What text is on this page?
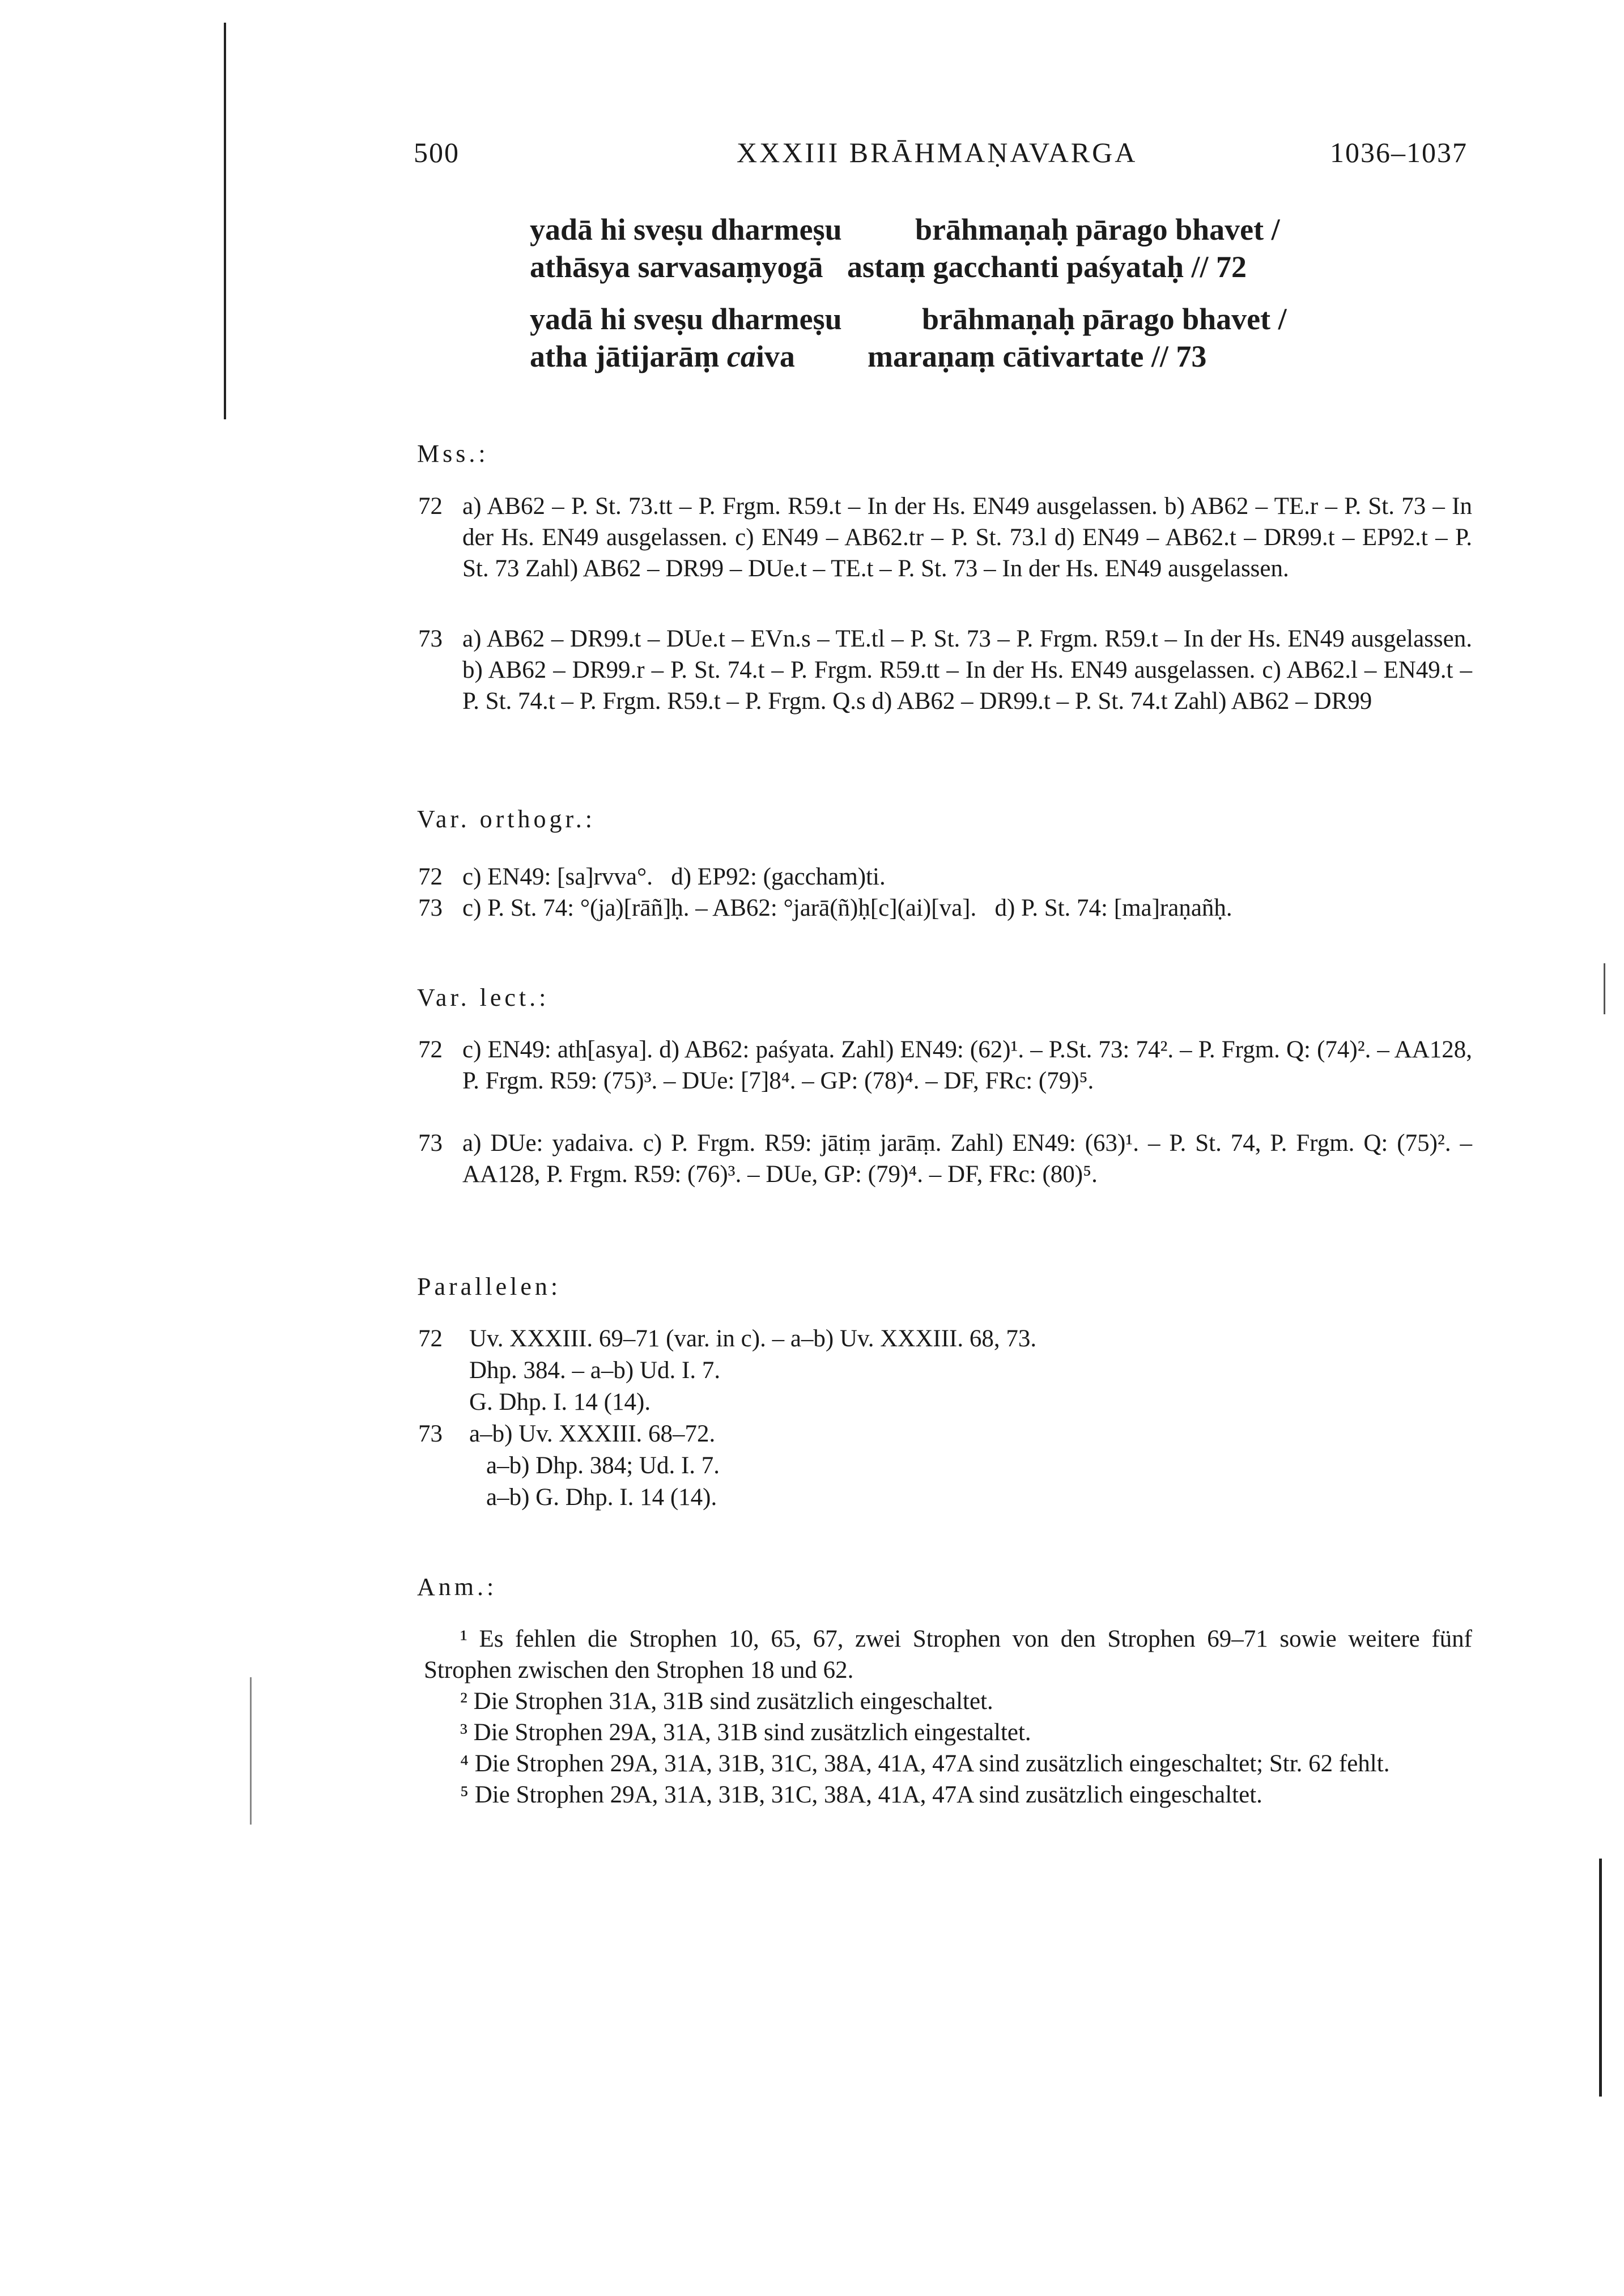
500	XXXIII BRĀHMAṆAVARGA	1036–1037
yadā hi sveṣu dharmeṣu brāhmaṇaḥ pārago bhavet /
athāsya sarvasaṃyogā astaṃ gacchanti paśyataḥ // 72
yadā hi sveṣu dharmeṣu	brāhmaṇaḥ pārago bhavet /
atha jātijarāṃ caiva maraṇaṃ cātivartate // 73
Mss.:
72 a) AB62 – P. St. 73.tt – P. Frgm. R59.t – In der Hs. EN49 ausgelassen. b) AB62 – TE.r – P. St. 73 – In der Hs. EN49 ausgelassen. c) EN49 – AB62.tr – P. St. 73.l d) EN49 – AB62.t – DR99.t – EP92.t – P. St. 73 Zahl) AB62 – DR99 – DUe.t – TE.t – P. St. 73 – In der Hs. EN49 ausgelassen.
73 a) AB62 – DR99.t – DUe.t – EVn.s – TE.tl – P. St. 73 – P. Frgm. R59.t – In der Hs. EN49 ausgelassen. b) AB62 – DR99.r – P. St. 74.t – P. Frgm. R59.tt – In der Hs. EN49 ausgelassen. c) AB62.l – EN49.t – P. St. 74.t – P. Frgm. R59.t – P. Frgm. Q.s d) AB62 – DR99.t – P. St. 74.t Zahl) AB62 – DR99
Var. orthogr.:
72 c) EN49: [sa]rvva°.   d) EP92: (gaccham)ti.
73 c) P. St. 74: °(ja)[rāñ]ḥ. – AB62: °jarā(ñ)ḥ[c](ai)[va].   d) P. St. 74: [ma]raṇañḥ.
Var. lect.:
72 c) EN49: ath[asya]. d) AB62: paśyata. Zahl) EN49: (62)¹. – P.St. 73: 74². – P. Frgm. Q: (74)². – AA128, P. Frgm. R59: (75)³. – DUe: [7]8⁴. – GP: (78)⁴. – DF, FRc: (79)⁵.
73 a) DUe: yadaiva. c) P. Frgm. R59: jātiṃ jarāṃ. Zahl) EN49: (63)¹. – P. St. 74, P. Frgm. Q: (75)². – AA128, P. Frgm. R59: (76)³. – DUe, GP: (79)⁴. – DF, FRc: (80)⁵.
Parallelen:
72 Uv. XXXIII. 69–71 (var. in c). – a–b) Uv. XXXIII. 68, 73.
Dhp. 384. – a–b) Ud. I. 7.
G. Dhp. I. 14 (14).
73 a–b) Uv. XXXIII. 68–72.
a–b) Dhp. 384; Ud. I. 7.
a–b) G. Dhp. I. 14 (14).
Anm.:

¹ Es fehlen die Strophen 10, 65, 67, zwei Strophen von den Strophen 69–71 sowie weitere fünf Strophen zwischen den Strophen 18 und 62.

² Die Strophen 31A, 31B sind zusätzlich eingeschaltet.

³ Die Strophen 29A, 31A, 31B sind zusätzlich eingestaltet.

⁴ Die Strophen 29A, 31A, 31B, 31C, 38A, 41A, 47A sind zusätzlich eingeschaltet; Str. 62 fehlt.

⁵ Die Strophen 29A, 31A, 31B, 31C, 38A, 41A, 47A sind zusätzlich eingeschaltet.
